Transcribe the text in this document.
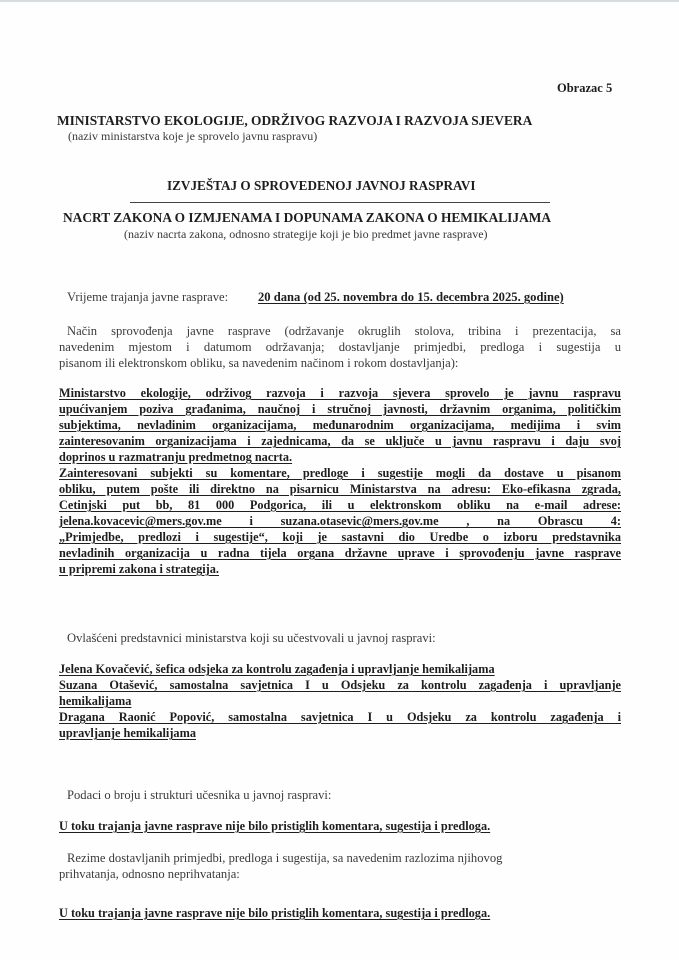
Obrazac 5
MINISTARSTVO EKOLOGIJE, ODRŽIVOG RAZVOJA I RAZVOJA SJEVERA
(naziv ministarstva koje je sprovelo javnu raspravu)
IZVJEŠTAJ O SPROVEDENOJ JAVNOJ RASPRAVI
NACRT ZAKONA O IZMJENAMA I DOPUNAMA ZAKONA O HEMIKALIJAMA
(naziv nacrta zakona, odnosno strategije koji je bio predmet javne rasprave)
Vrijeme trajanja javne rasprave: 20 dana (od 25. novembra do 15. decembra 2025. godine)
Način sprovođenja javne rasprave (održavanje okruglih stolova, tribina i prezentacija, sa
navedenim mjestom i datumom održavanja; dostavljanje primjedbi, predloga i sugestija u
pisanom ili elektronskom obliku, sa navedenim načinom i rokom dostavljanja):
Ministarstvo ekologije, održivog razvoja i razvoja sjevera sprovelo je javnu raspravu
upućivanjem poziva građanima, naučnoj i stručnoj javnosti, državnim organima, političkim
subjektima, nevladinim organizacijama, međunarodnim organizacijama, medijima i svim
zainteresovanim organizacijama i zajednicama, da se uključe u javnu raspravu i daju svoj
doprinos u razmatranju predmetnog nacrta.
Zainteresovani subjekti su komentare, predloge i sugestije mogli da dostave u pisanom
obliku, putem pošte ili direktno na pisarnicu Ministarstva na adresu: Eko-efikasna zgrada,
Cetinjski put bb, 81 000 Podgorica, ili u elektronskom obliku na e-mail adrese:
jelena.kovacevic@mers.gov.me i suzana.otasevic@mers.gov.me , na Obrascu 4:
„Primjedbe, predlozi i sugestije“, koji je sastavni dio Uredbe o izboru predstavnika
nevladinih organizacija u radna tijela organa državne uprave i sprovođenju javne rasprave
u pripremi zakona i strategija.
Ovlašćeni predstavnici ministarstva koji su učestvovali u javnoj raspravi:
Jelena Kovačević, šefica odsjeka za kontrolu zagađenja i upravljanje hemikalijama
Suzana Otašević, samostalna savjetnica I u Odsjeku za kontrolu zagađenja i upravljanje
hemikalijama
Dragana Raonić Popović, samostalna savjetnica I u Odsjeku za kontrolu zagađenja i
upravljanje hemikalijama
Podaci o broju i strukturi učesnika u javnoj raspravi:
U toku trajanja javne rasprave nije bilo pristiglih komentara, sugestija i predloga.
Rezime dostavljanih primjedbi, predloga i sugestija, sa navedenim razlozima njihovog
prihvatanja, odnosno neprihvatanja:
U toku trajanja javne rasprave nije bilo pristiglih komentara, sugestija i predloga.
